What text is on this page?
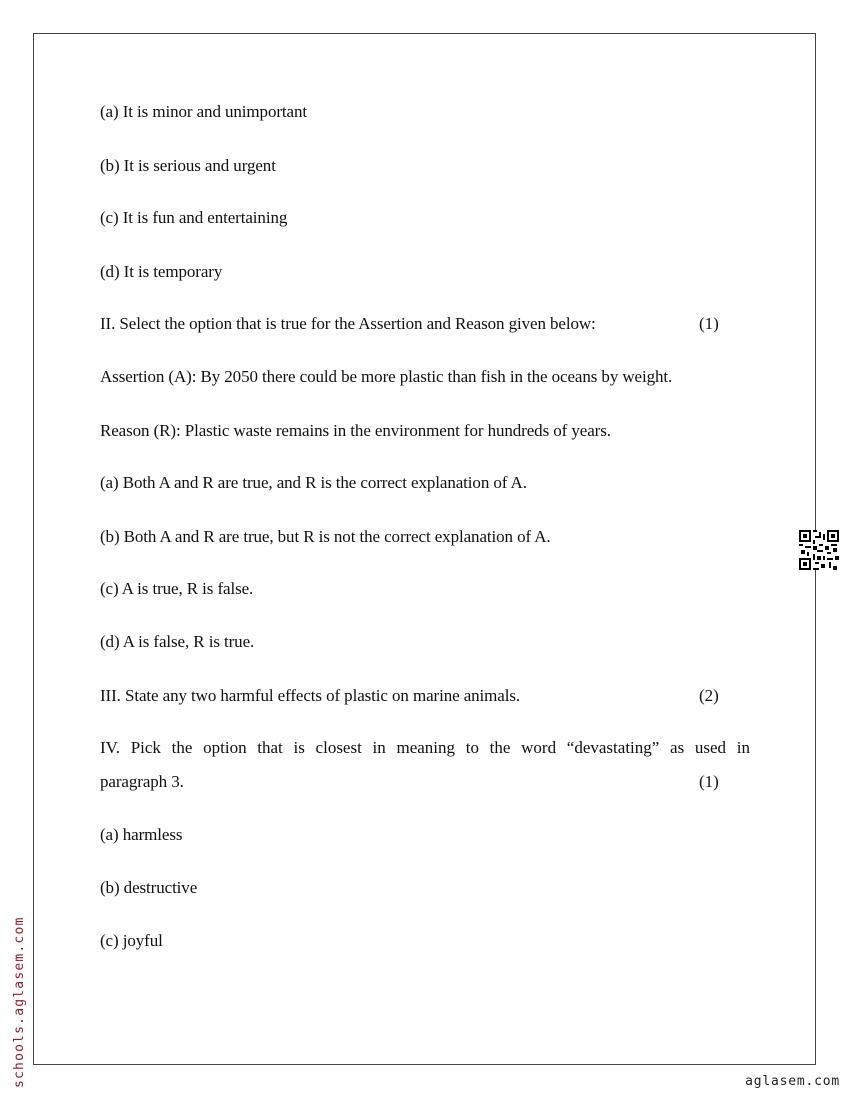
(a) It is minor and unimportant
(b) It is serious and urgent
(c) It is fun and entertaining
(d) It is temporary
II. Select the option that is true for the Assertion and Reason given below:	(1)
Assertion (A): By 2050 there could be more plastic than fish in the oceans by weight.
Reason (R): Plastic waste remains in the environment for hundreds of years.
(a) Both A and R are true, and R is the correct explanation of A.
(b) Both A and R are true, but R is not the correct explanation of A.
(c) A is true, R is false.
(d) A is false, R is true.
III. State any two harmful effects of plastic on marine animals.	(2)
IV. Pick the option that is closest in meaning to the word “devastating” as used in
paragraph 3.	(1)
(a) harmless
(b) destructive
(c) joyful
schools.aglasem.com	aglasem.com
